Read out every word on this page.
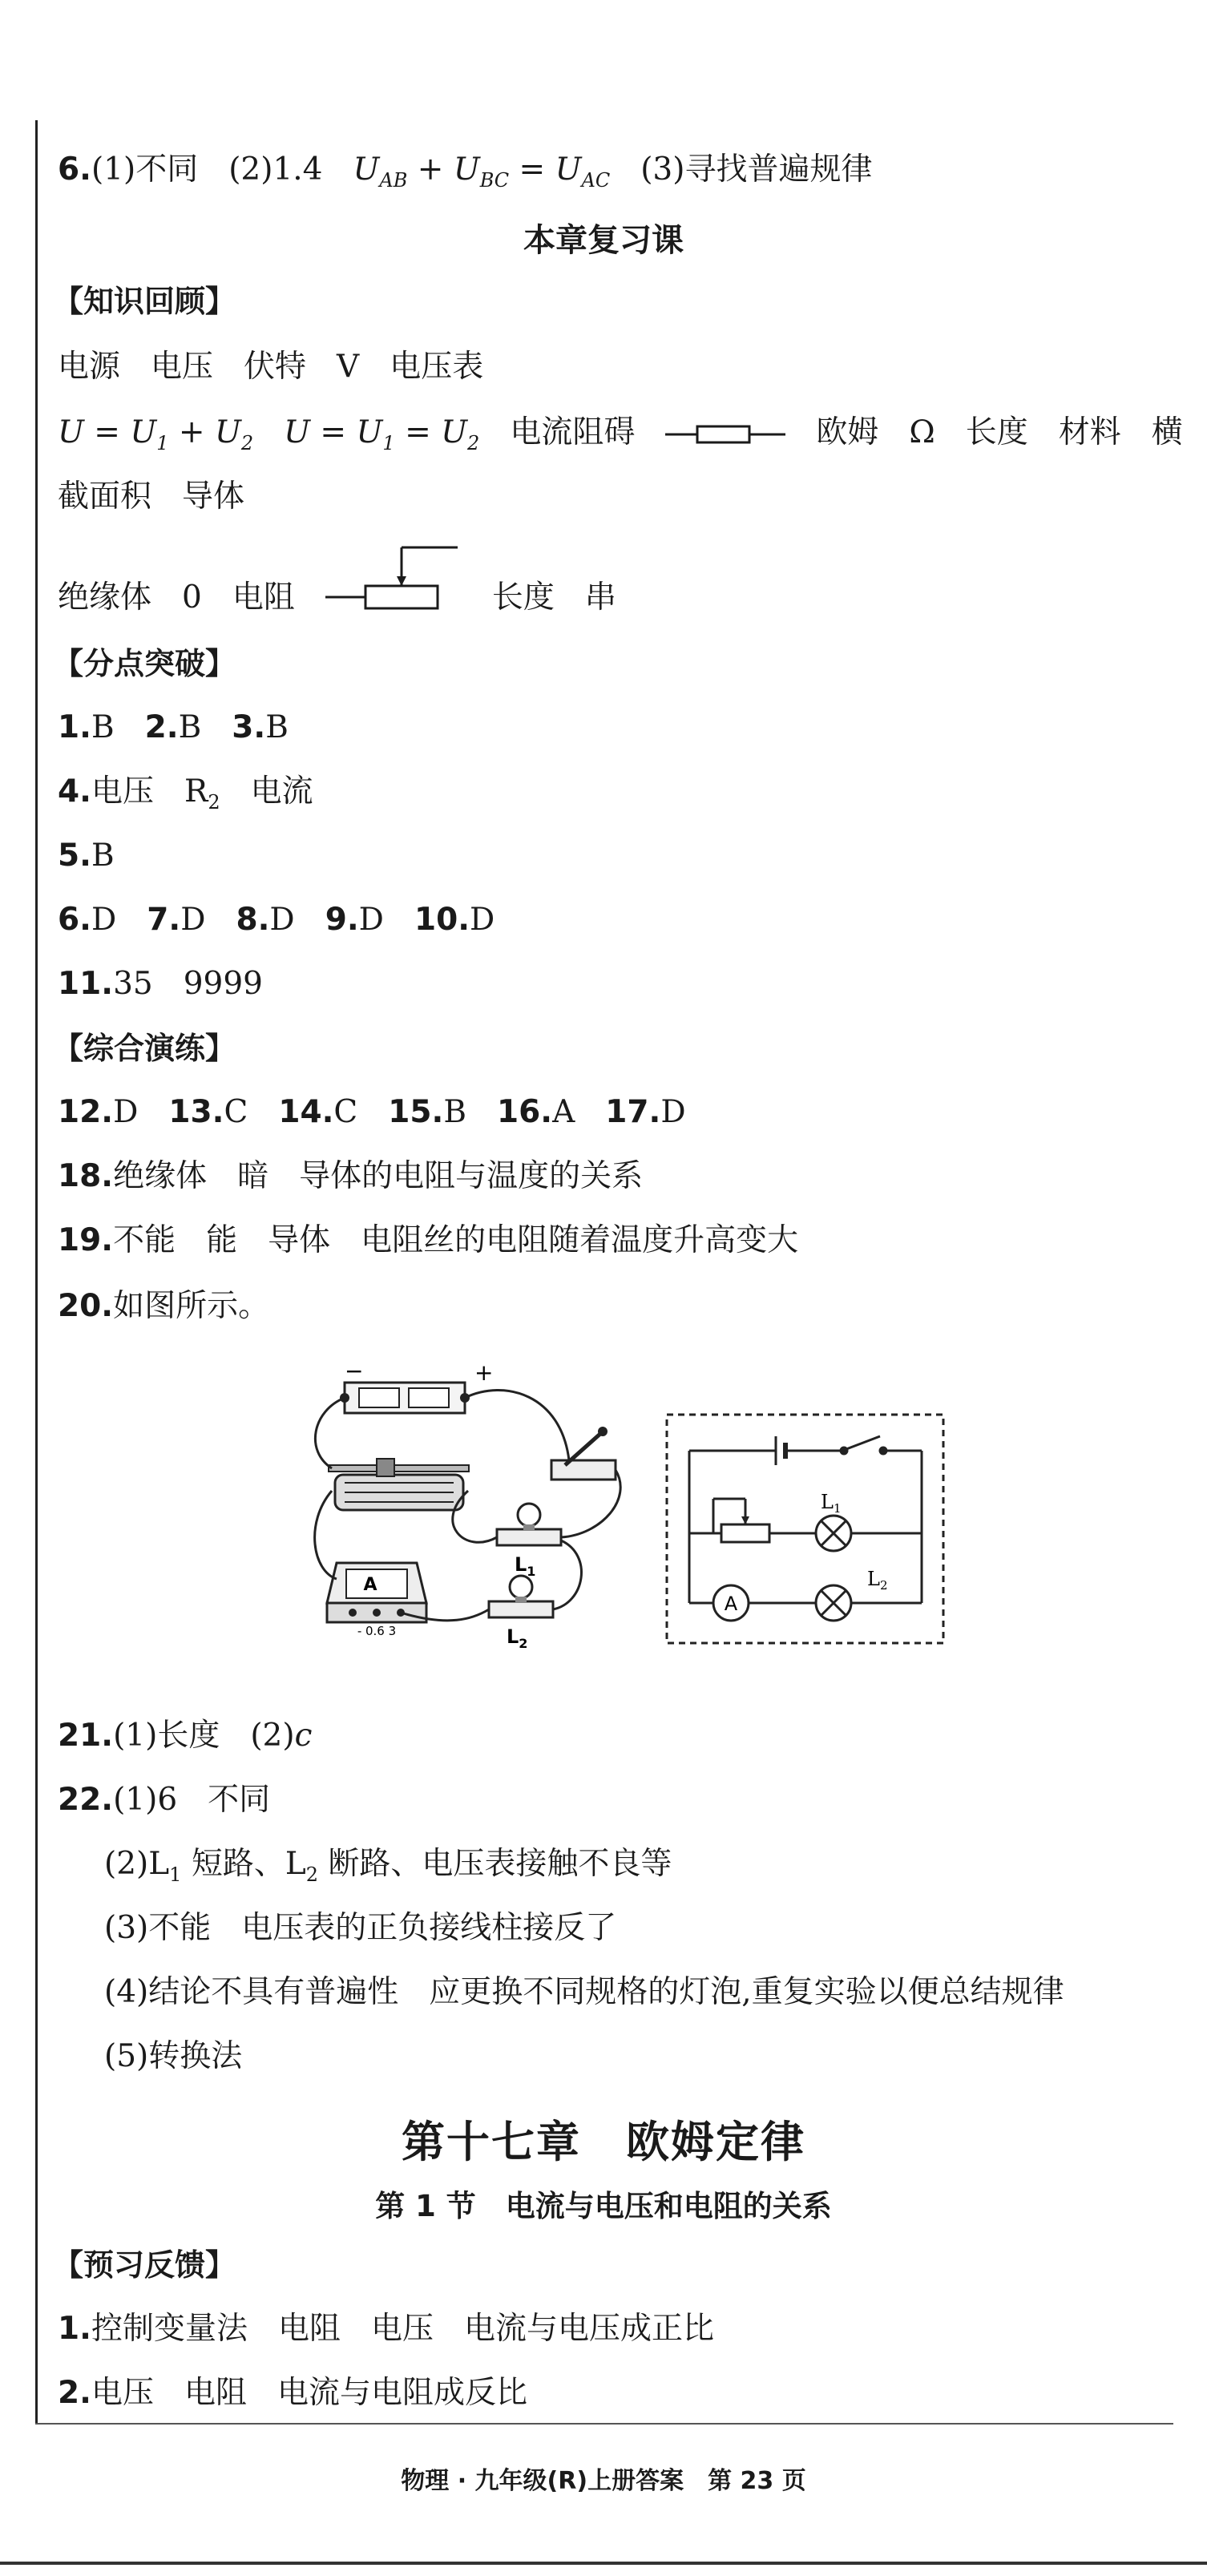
6.(1)不同 (2)1.4 $U_{AB} + U_{BC} = U_{AC}$ (3)寻找普遍规律
本章复习课
【知识回顾】
电源 电压 伏特 V 电压表
$U = U_1 + U_2$ $U = U_1 = U_2$ 电流阻碍	欧姆 Ω 长度 材料 横
截面积 导体
绝缘体 0 电阻	长度 串
【分点突破】
1.B 2.B 3.B
4.电压 $R_2$ 电流
5.B
6.D 7.D 8.D 9.D 10.D
11.35 9999
【综合演练】
12.D 13.C 14.C 15.B 16.A 17.D
18.绝缘体 暗 导体的电阻与温度的关系
19.不能 能 导体 电阻丝的电阻随着温度升高变大
20.如图所示。
−	+
A
- 0.6 3
$L_1$
$L_2$
A
$L_1$
$L_2$
21.(1)长度 (2)c
22.(1)6 不同
$(2)L_1$ 短路、$L_2$ 断路、电压表接触不良等
(3)不能 电压表的正负接线柱接反了
(4)结论不具有普遍性 应更换不同规格的灯泡,重复实验以便总结规律
(5)转换法
第十七章　欧姆定律
第 1 节　电流与电压和电阻的关系
【预习反馈】
1.控制变量法 电阻 电压 电流与电压成正比
2.电压 电阻 电流与电阻成反比
物理 · 九年级(R)上册答案　第 23 页
